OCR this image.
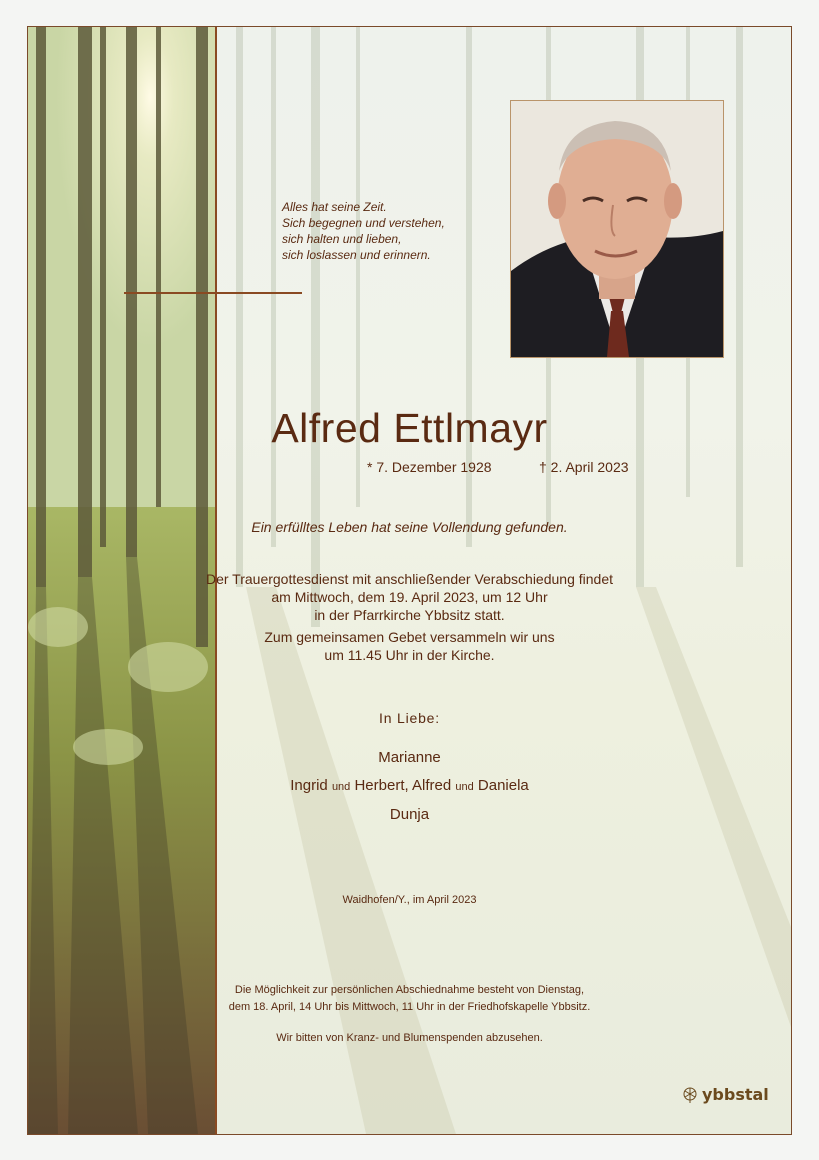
Alles hat seine Zeit.
Sich begegnen und verstehen,
sich halten und lieben,
sich loslassen und erinnern.
Alfred Ettlmayr
* 7. Dezember 1928	† 2. April 2023
Ein erfülltes Leben hat seine Vollendung gefunden.
Der Trauergottesdienst mit anschließender Verabschiedung findet
am Mittwoch, dem 19. April 2023, um 12 Uhr
in der Pfarrkirche Ybbsitz statt.
Zum gemeinsamen Gebet versammeln wir uns
um 11.45 Uhr in der Kirche.
In Liebe:
Marianne
Ingrid und Herbert, Alfred und Daniela
Dunja
Waidhofen/Y., im April 2023
Die Möglichkeit zur persönlichen Abschiednahme besteht von Dienstag,
dem 18. April, 14 Uhr bis Mittwoch, 11 Uhr in der Friedhofskapelle Ybbsitz.
Wir bitten von Kranz- und Blumenspenden abzusehen.
ybbstal
